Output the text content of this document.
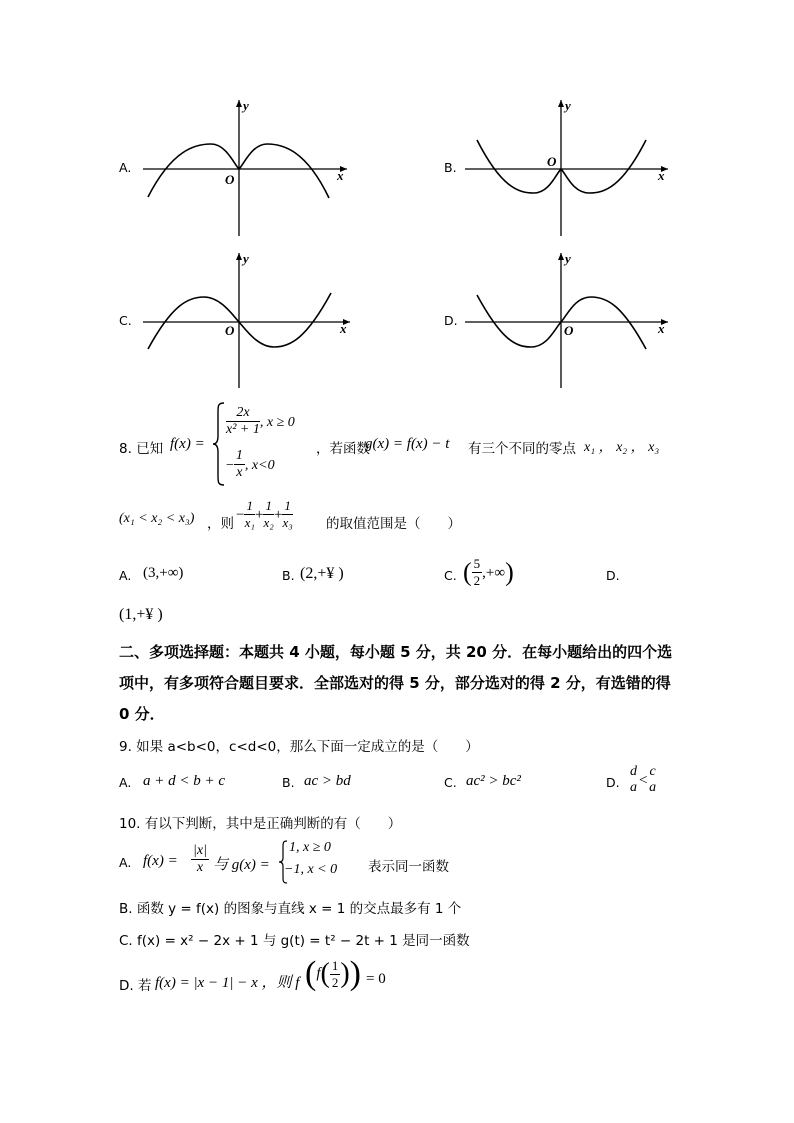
A.	B.
C.	D.
y
x
O
y
x
O
y
x
O
y
x
O
8. 已知 f(x) =
$\frac{2x}{\text{x² + 1}}$ , x ≥ 0
− $\frac{1}{x}$ , x<0
，若函数
g(x) = f(x) − t 有三个不同的零点 x₁ ， x₂ ， x₃
(x₁ < x₂ < x₃) ，则
− $\frac{1}{\text{x₁}} + \frac{1}{\text{x₂}} + \frac{1}{\text{x₃}}$ 的取值范围是（　　）
A. (3,+∞)	B. (2,+¥ )	C. ( $\frac{5}{2}$ ,+∞)	D.
(1,+¥ )
二、多项选择题：本题共 4 小题，每小题 5 分，共 20 分．在每小题给出的四个选项中，有多项符合题目要求．全部选对的得 5 分，部分选对的得 2 分，有选错的得 0 分．
9. 如果 a<b<0，c<d<0，那么下面一定成立的是（　　）
A. a + d < b + c	B. ac > bd	C. ac² > bc²	D.
d
a <
c
a
10. 有以下判断，其中是正确判断的有（　　）
A. $f(x) = \frac{|x|}{x}$ 与 g(x) =
1, x ≥ 0
−1, x < 0 表示同一函数
B. 函数 y = f(x) 的图象与直线 x = 1 的交点最多有 1 个
C. f(x) = x² − 2x + 1 与 g(t) = t² − 2t + 1 是同一函数
D. 若 f(x) = |x − 1| − x ，则 f ($f( \frac{1}{2}$ )) = 0
